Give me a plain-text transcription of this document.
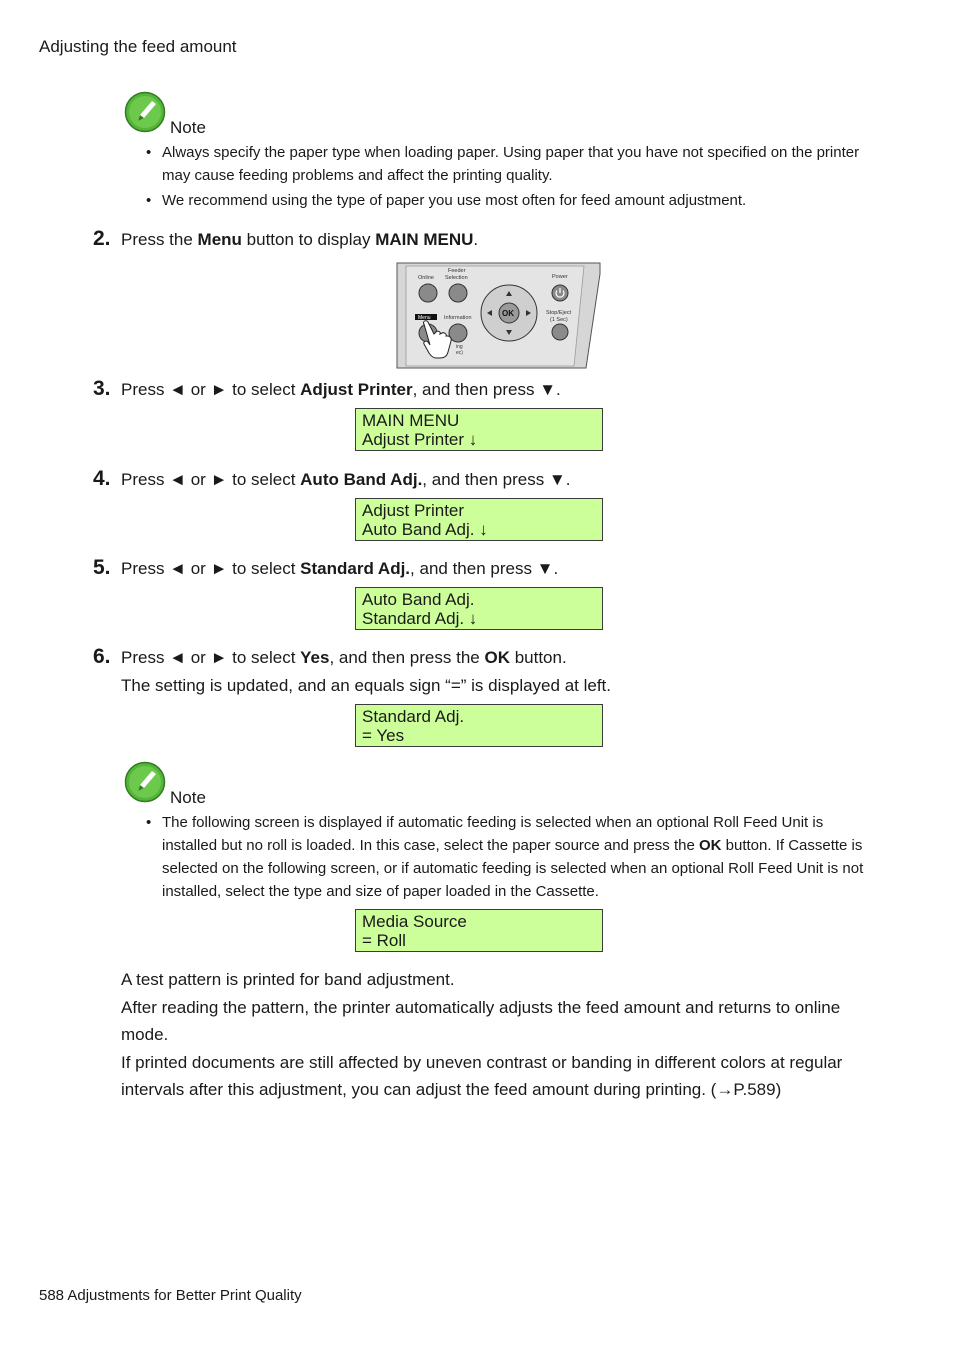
Adjusting the feed amount
Note
• Always specify the paper type when loading paper. Using paper that you have not specified on the printer may cause feeding problems and affect the printing quality.
• We recommend using the type of paper you use most often for feed amount adjustment.
2. Press the Menu button to display MAIN MENU.
Online
Feeder
Selection	Power
OK	Stop/Eject
(1 Sec)
Menu Information
ing
ec)
3. Press ◄ or ► to select Adjust Printer, and then press ▼.
MAIN MENU
Adjust Printer ↓
4. Press ◄ or ► to select Auto Band Adj., and then press ▼.
Adjust Printer
Auto Band Adj. ↓
5. Press ◄ or ► to select Standard Adj., and then press ▼.
Auto Band Adj.
Standard Adj. ↓
6. Press ◄ or ► to select Yes, and then press the OK button.
The setting is updated, and an equals sign “=” is displayed at left.
Standard Adj.
= Yes
Note
• The following screen is displayed if automatic feeding is selected when an optional Roll Feed Unit is installed but no roll is loaded. In this case, select the paper source and press the OK button. If Cassette is selected on the following screen, or if automatic feeding is selected when an optional Roll Feed Unit is not installed, select the type and size of paper loaded in the Cassette.
Media Source
= Roll

A test pattern is printed for band adjustment.

After reading the pattern, the printer automatically adjusts the feed amount and returns to online mode.

If printed documents are still affected by uneven contrast or banding in different colors at regular intervals after this adjustment, you can adjust the feed amount during printing. (→P.589)

588 Adjustments for Better Print Quality
